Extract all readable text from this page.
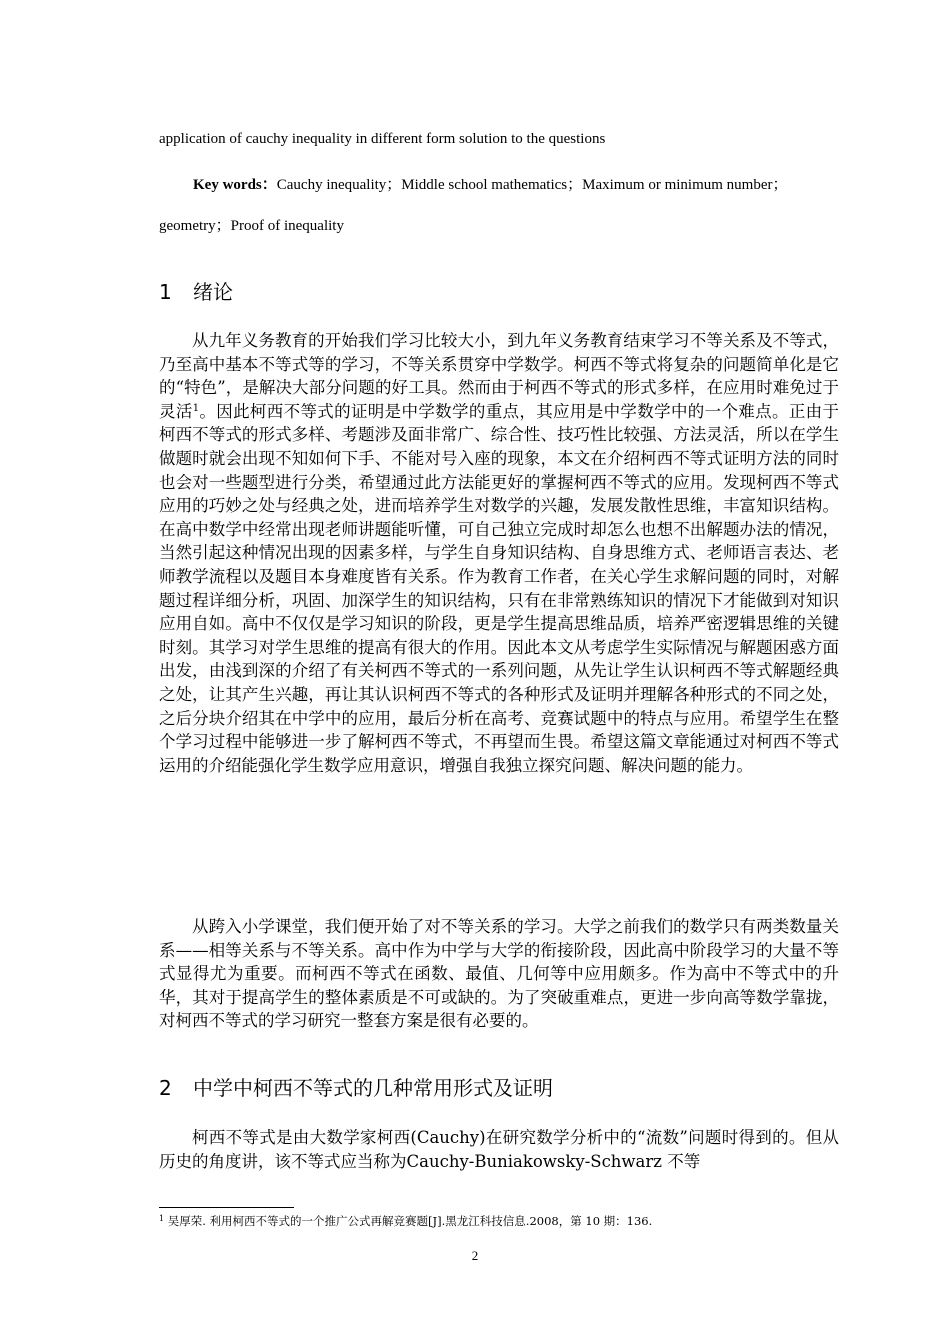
application of cauchy inequality in different form solution to the questions
Key words：Cauchy inequality；Middle school mathematics；Maximum or minimum number；
geometry；Proof of inequality
1 绪论

从九年义务教育的开始我们学习比较大小，到九年义务教育结束学习不等关系及不等式，乃至高中基本不等式等的学习，不等关系贯穿中学数学。柯西不等式将复杂的问题简单化是它的“特色”，是解决大部分问题的好工具。然而由于柯西不等式的形式多样，在应用时难免过于灵活$^1$。因此柯西不等式的证明是中学数学的重点，其应用是中学数学中的一个难点。正由于柯西不等式的形式多样、考题涉及面非常广、综合性、技巧性比较强、方法灵活，所以在学生做题时就会出现不知如何下手、不能对号入座的现象，本文在介绍柯西不等式证明方法的同时也会对一些题型进行分类，希望通过此方法能更好的掌握柯西不等式的应用。发现柯西不等式应用的巧妙之处与经典之处，进而培养学生对数学的兴趣，发展发散性思维，丰富知识结构。在高中数学中经常出现老师讲题能听懂，可自己独立完成时却怎么也想不出解题办法的情况，当然引起这种情况出现的因素多样，与学生自身知识结构、自身思维方式、老师语言表达、老师教学流程以及题目本身难度皆有关系。作为教育工作者，在关心学生求解问题的同时，对解题过程详细分析，巩固、加深学生的知识结构，只有在非常熟练知识的情况下才能做到对知识应用自如。高中不仅仅是学习知识的阶段，更是学生提高思维品质，培养严密逻辑思维的关键时刻。其学习对学生思维的提高有很大的作用。因此本文从考虑学生实际情况与解题困惑方面出发，由浅到深的介绍了有关柯西不等式的一系列问题，从先让学生认识柯西不等式解题经典之处，让其产生兴趣，再让其认识柯西不等式的各种形式及证明并理解各种形式的不同之处，之后分块介绍其在中学中的应用，最后分析在高考、竞赛试题中的特点与应用。希望学生在整个学习过程中能够进一步了解柯西不等式，不再望而生畏。希望这篇文章能通过对柯西不等式运用的介绍能强化学生数学应用意识，增强自我独立探究问题、解决问题的能力。

从跨入小学课堂，我们便开始了对不等关系的学习。大学之前我们的数学只有两类数量关系——相等关系与不等关系。高中作为中学与大学的衔接阶段，因此高中阶段学习的大量不等式显得尤为重要。而柯西不等式在函数、最值、几何等中应用颇多。作为高中不等式中的升华，其对于提高学生的整体素质是不可或缺的。为了突破重难点，更进一步向高等数学靠拢，对柯西不等式的学习研究一整套方案是很有必要的。

2 中学中柯西不等式的几种常用形式及证明

柯西不等式是由大数学家柯西(Cauchy)在研究数学分析中的“流数”问题时得到的。但从历史的角度讲，该不等式应当称为Cauchy-Buniakowsky-Schwarz 不等

$^1$ 吴厚荣. 利用柯西不等式的一个推广公式再解竞赛题[J].黑龙江科技信息.2008，第 10 期：136.
2
